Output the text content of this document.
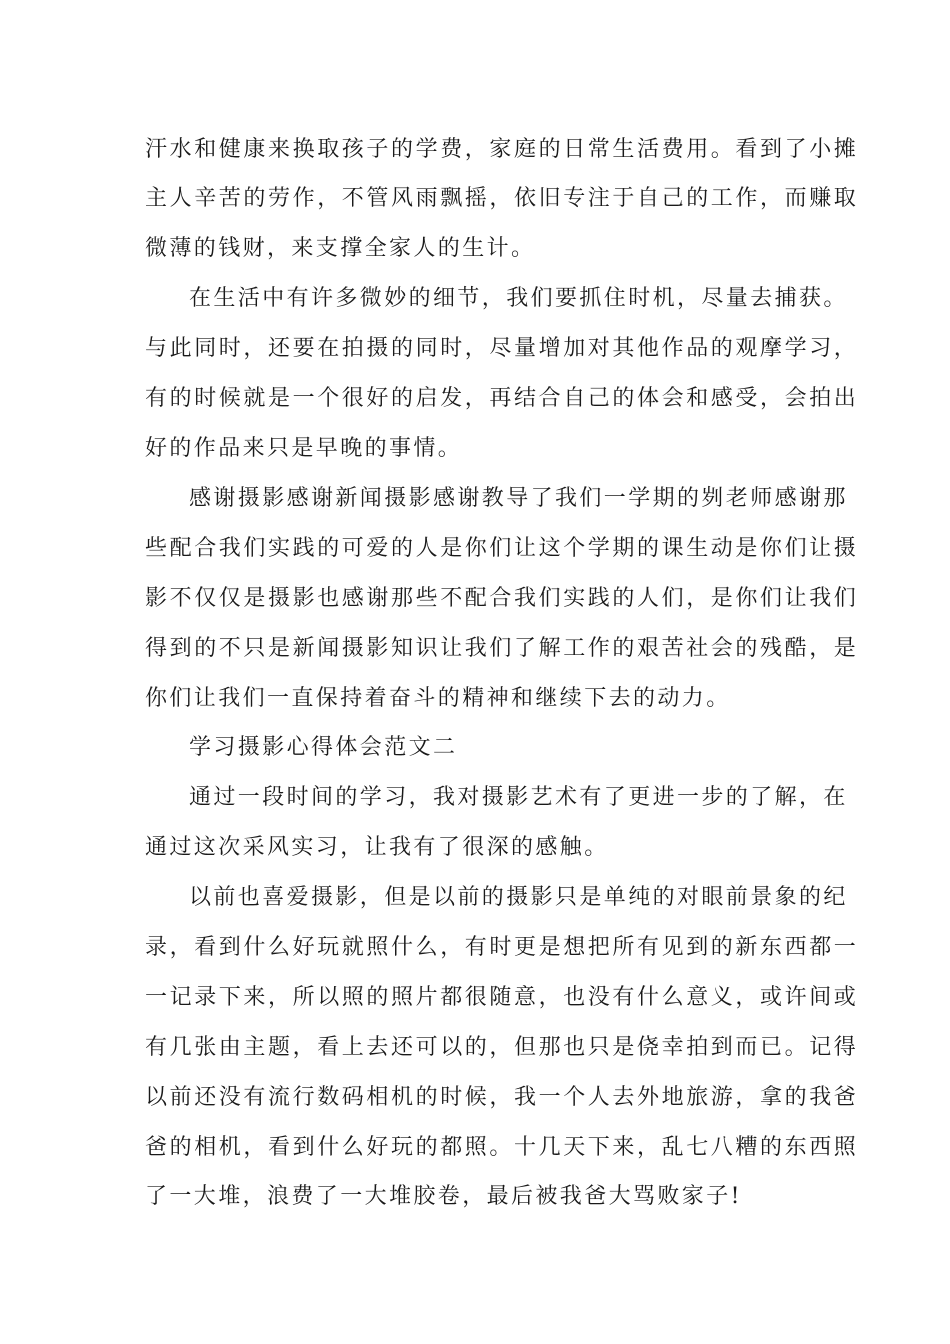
汗水和健康来换取孩子的学费，家庭的日常生活费用。看到了小摊
主人辛苦的劳作，不管风雨飘摇，依旧专注于自己的工作，而赚取
微薄的钱财，来支撑全家人的生计。
在生活中有许多微妙的细节，我们要抓住时机，尽量去捕获。
与此同时，还要在拍摄的同时，尽量增加对其他作品的观摩学习，
有的时候就是一个很好的启发，再结合自己的体会和感受，会拍出
好的作品来只是早晚的事情。
感谢摄影感谢新闻摄影感谢教导了我们一学期的刿老师感谢那
些配合我们实践的可爱的人是你们让这个学期的课生动是你们让摄
影不仅仅是摄影也感谢那些不配合我们实践的人们，是你们让我们
得到的不只是新闻摄影知识让我们了解工作的艰苦社会的残酷，是
你们让我们一直保持着奋斗的精神和继续下去的动力。
学习摄影心得体会范文二
通过一段时间的学习，我对摄影艺术有了更进一步的了解，在
通过这次采风实习，让我有了很深的感触。
以前也喜爱摄影，但是以前的摄影只是单纯的对眼前景象的纪
录，看到什么好玩就照什么，有时更是想把所有见到的新东西都一
一记录下来，所以照的照片都很随意，也没有什么意义，或许间或
有几张由主题，看上去还可以的，但那也只是侥幸拍到而已。记得
以前还没有流行数码相机的时候，我一个人去外地旅游，拿的我爸
爸的相机，看到什么好玩的都照。十几天下来，乱七八糟的东西照
了一大堆，浪费了一大堆胶卷，最后被我爸大骂败家子!
